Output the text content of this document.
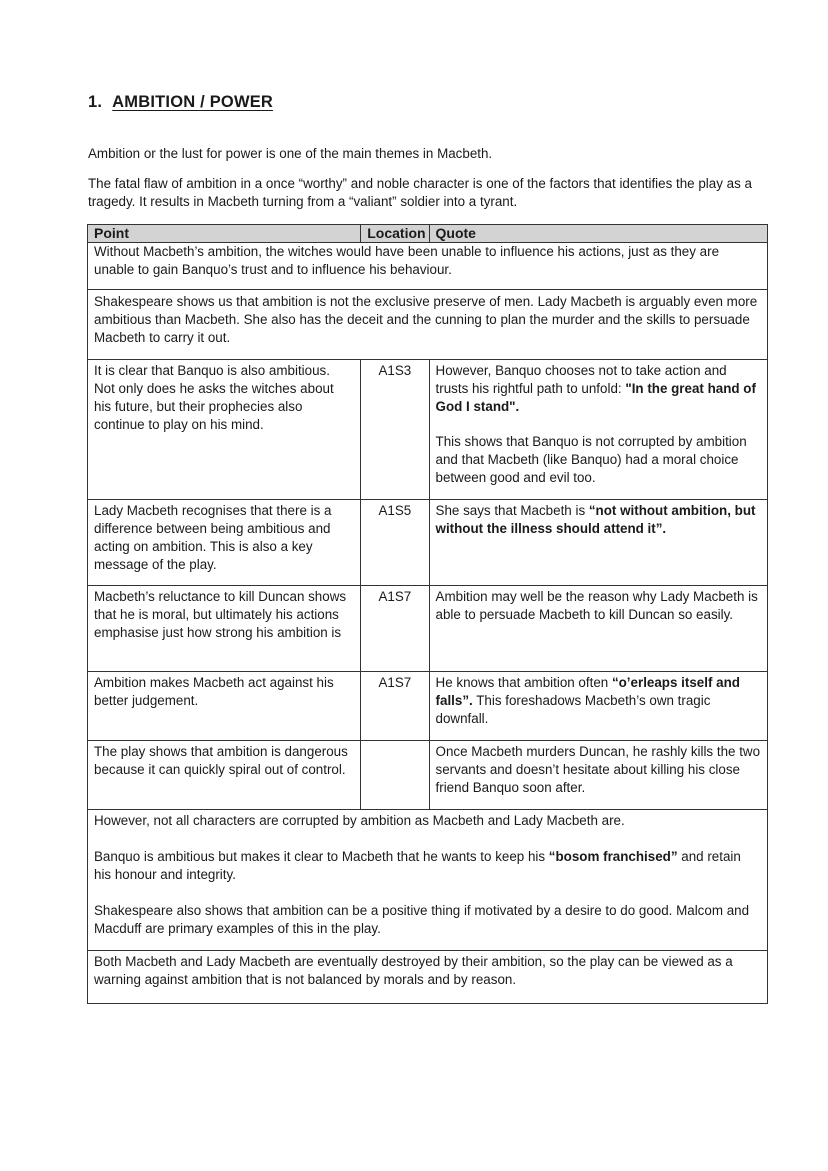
1. AMBITION / POWER
Ambition or the lust for power is one of the main themes in Macbeth.
The fatal flaw of ambition in a once “worthy” and noble character is one of the factors that identifies the play as a tragedy. It results in Macbeth turning from a “valiant” soldier into a tyrant.
Point	Location	Quote
Without Macbeth’s ambition, the witches would have been unable to influence his actions, just as they are unable to gain Banquo’s trust and to influence his behaviour.		
Shakespeare shows us that ambition is not the exclusive preserve of men. Lady Macbeth is arguably even more ambitious than Macbeth. She also has the deceit and the cunning to plan the murder and the skills to persuade Macbeth to carry it out.		
It is clear that Banquo is also ambitious. Not only does he asks the witches about his future, but their prophecies also continue to play on his mind.	A1S3	However, Banquo chooses not to take action and trusts his rightful path to unfold: "In the great hand of God I stand".
This shows that Banquo is not corrupted by ambition and that Macbeth (like Banquo) had a moral choice between good and evil too.

Lady Macbeth recognises that there is a difference between being ambitious and acting on ambition. This is also a key message of the play.	A1S5	She says that Macbeth is “not without ambition, but without the illness should attend it”.
Macbeth’s reluctance to kill Duncan shows that he is moral, but ultimately his actions emphasise just how strong his ambition is	A1S7	Ambition may well be the reason why Lady Macbeth is able to persuade Macbeth to kill Duncan so easily.
Ambition makes Macbeth act against his better judgement.	A1S7	He knows that ambition often “o’erleaps itself and falls”. This foreshadows Macbeth’s own tragic downfall.
The play shows that ambition is dangerous because it can quickly spiral out of control.		Once Macbeth murders Duncan, he rashly kills the two servants and doesn’t hesitate about killing his close friend Banquo soon after.

However, not all characters are corrupted by ambition as Macbeth and Lady Macbeth are.
Banquo is ambitious but makes it clear to Macbeth that he wants to keep his “bosom franchised” and retain his honour and integrity.
Shakespeare also shows that ambition can be a positive thing if motivated by a desire to do good. Malcom and Macduff are primary examples of this in the play.		

Both Macbeth and Lady Macbeth are eventually destroyed by their ambition, so the play can be viewed as a warning against ambition that is not balanced by morals and by reason.		
